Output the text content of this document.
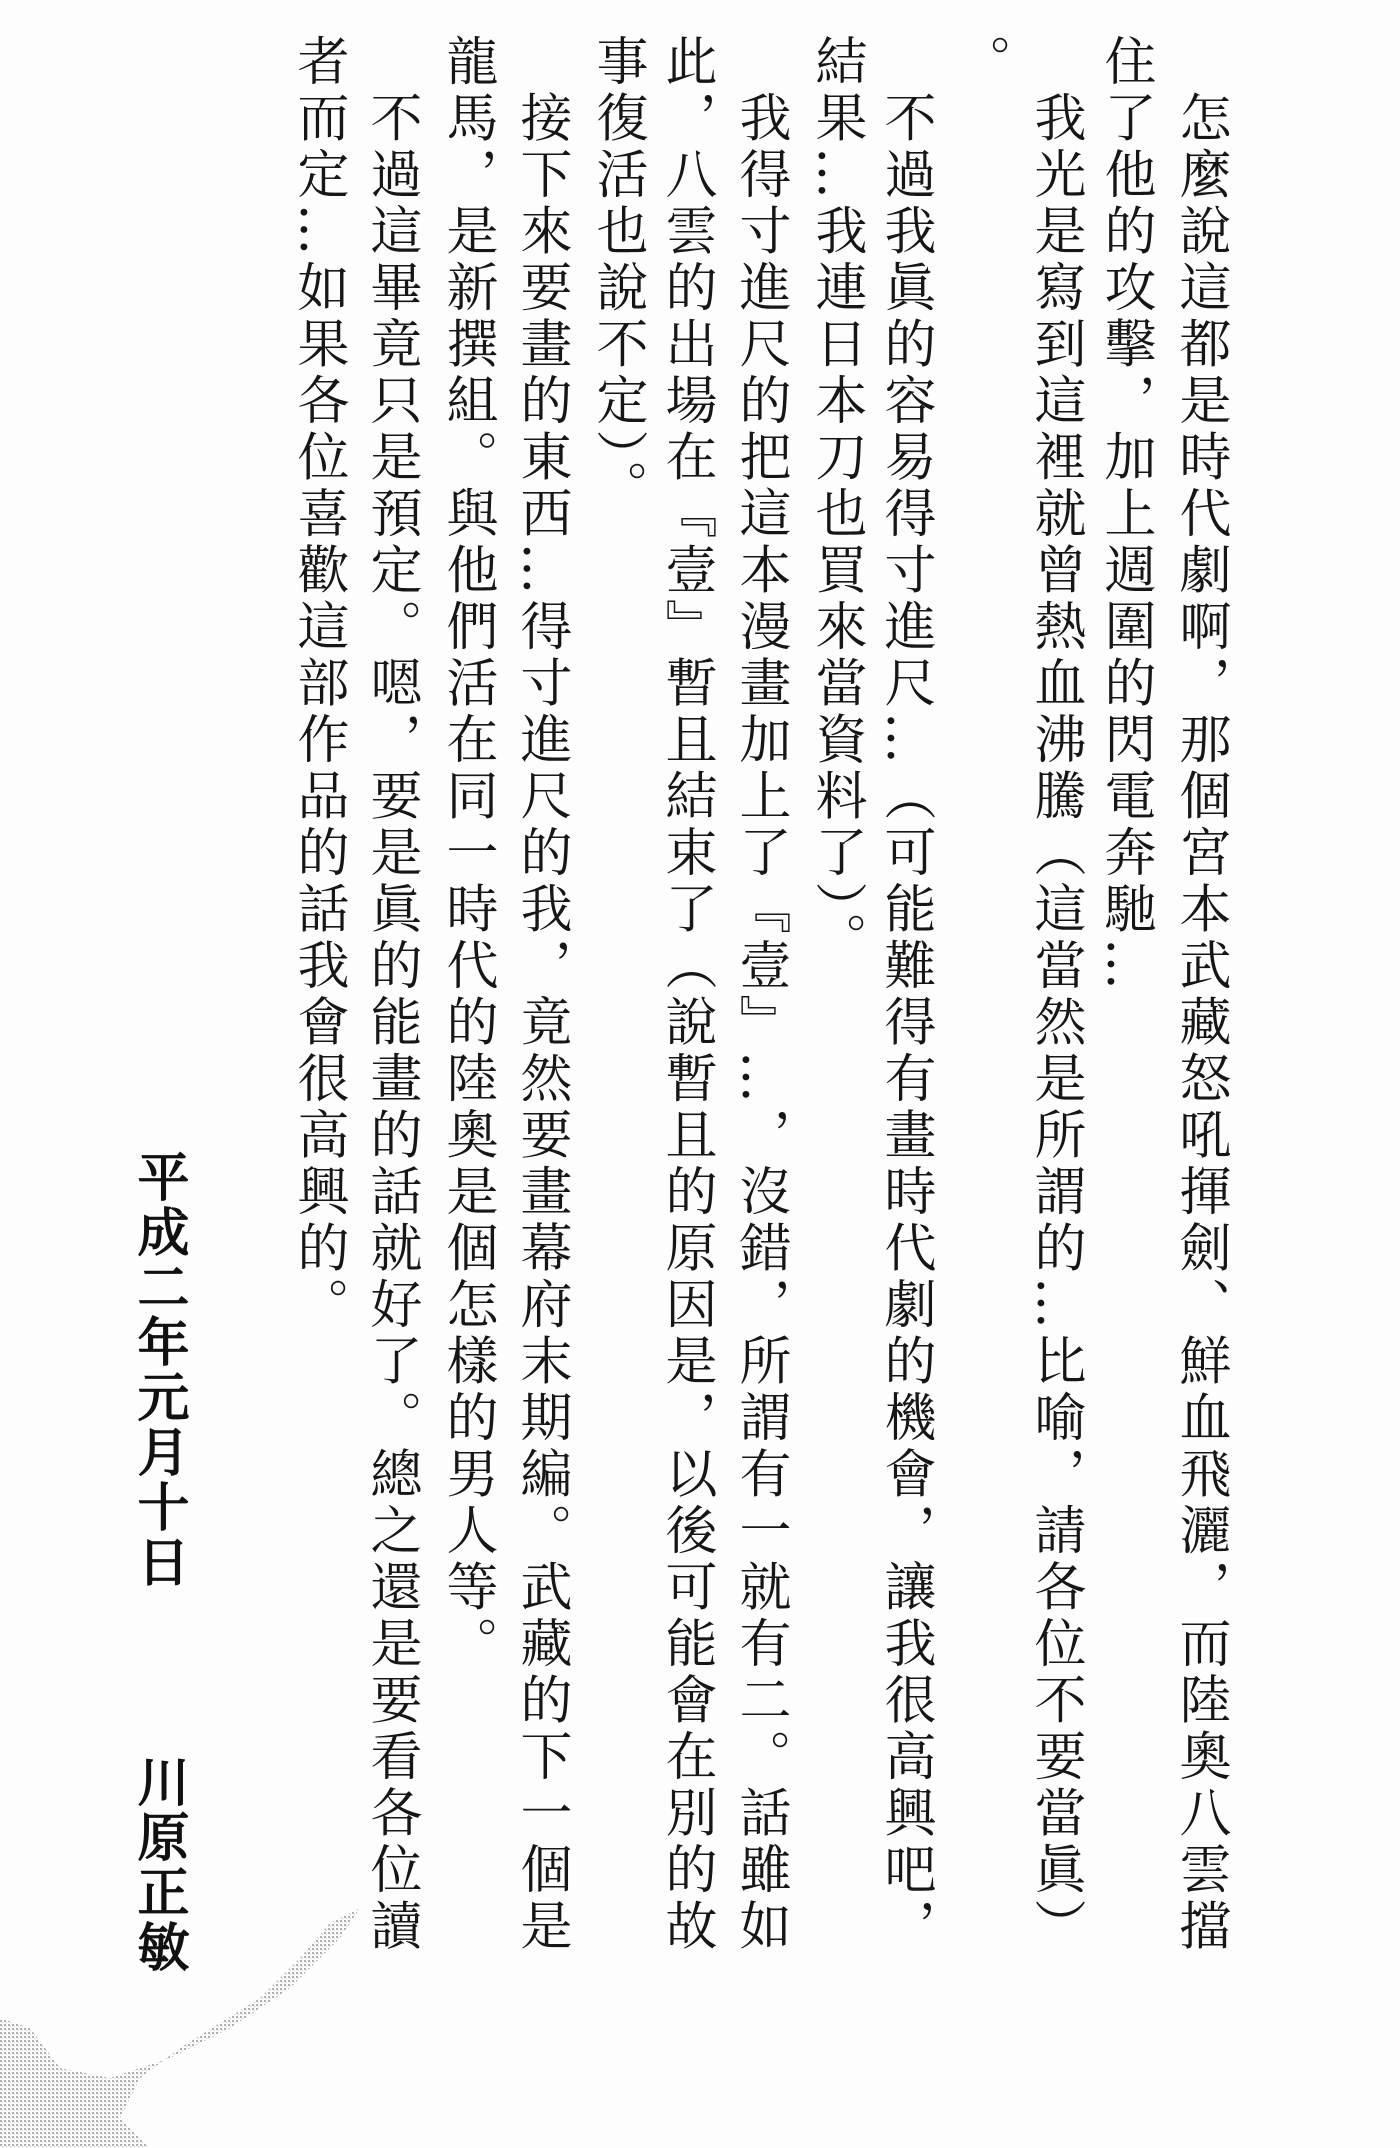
　怎麼說這都是時代劇啊，那個宮本武藏怒吼揮劍、鮮血飛灑，而陸奧八雲擋
住了他的攻擊，加上週圍的閃電奔馳…
　我光是寫到這裡就曾熱血沸騰（這當然是所謂的…比喻，請各位不要當眞）
。
　不過我眞的容易得寸進尺…（可能難得有畫時代劇的機會，讓我很高興吧，
結果…我連日本刀也買來當資料了）。
　我得寸進尺的把這本漫畫加上了『壹』…，沒錯，所謂有一就有二。話雖如
此，八雲的出場在『壹』暫且結束了（說暫且的原因是，以後可能會在別的故
事復活也說不定）。
　接下來要畫的東西…得寸進尺的我，竟然要畫幕府末期編。武藏的下一個是
龍馬，是新撰組。與他們活在同一時代的陸奧是個怎樣的男人等。
　不過這畢竟只是預定。嗯，要是眞的能畫的話就好了。總之還是要看各位讀
者而定…如果各位喜歡這部作品的話我會很高興的。
平成二年元月十日　　　川原正敏
